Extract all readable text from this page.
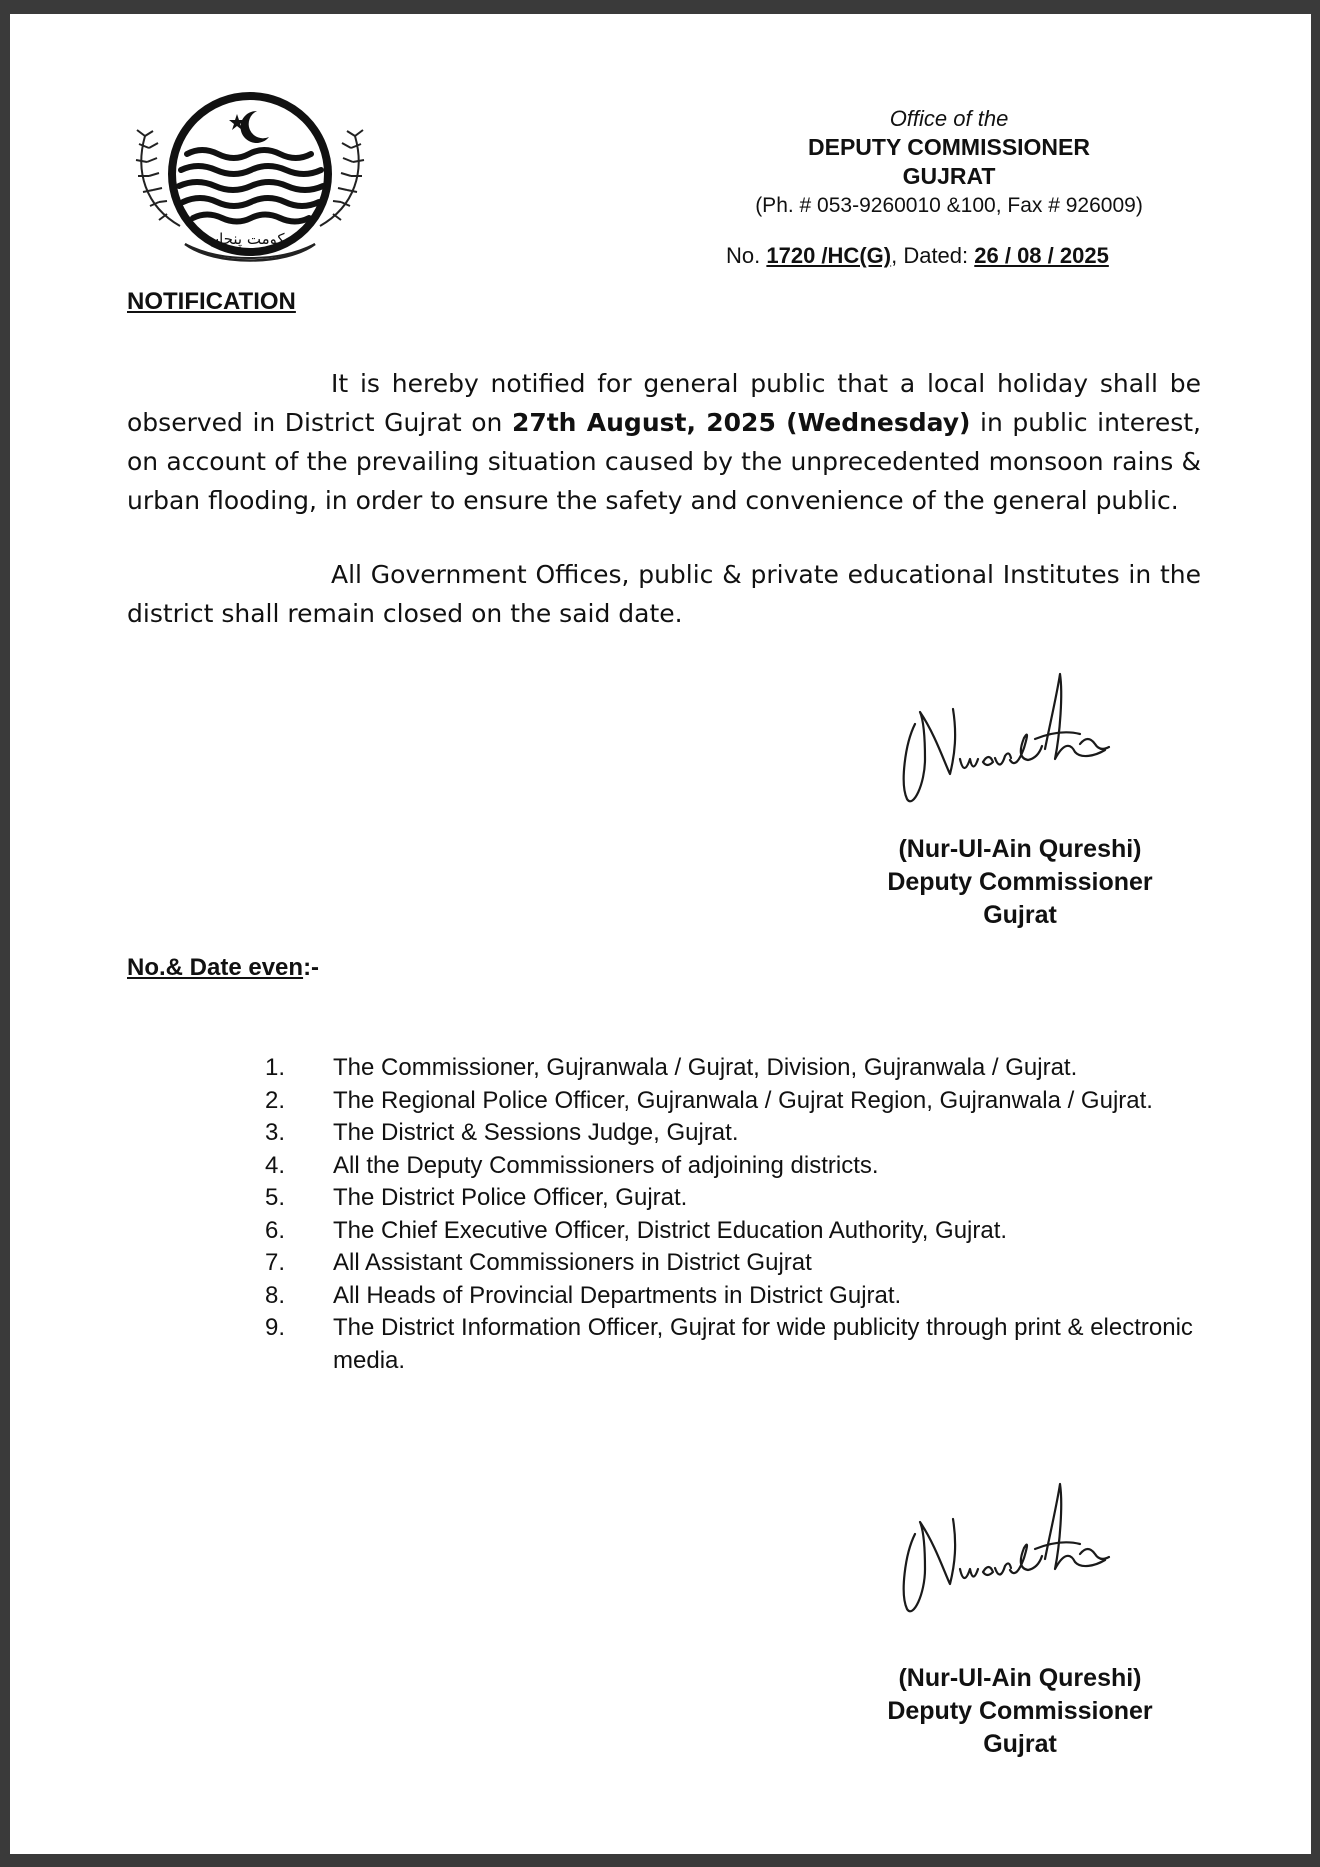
حکومت پنجاب
Office of the
DEPUTY COMMISSIONER
GUJRAT
(Ph. # 053-9260010 &100, Fax # 926009)
No. 1720 /HC(G), Dated: 26 / 08 / 2025
NOTIFICATION
It is hereby notified for general public that a local holiday shall be observed in District Gujrat on 27th August, 2025 (Wednesday) in public interest, on account of the prevailing situation caused by the unprecedented monsoon rains & urban flooding, in order to ensure the safety and convenience of the general public.
All Government Offices, public & private educational Institutes in the district shall remain closed on the said date.
(Nur-Ul-Ain Qureshi)
Deputy Commissioner
Gujrat
No.& Date even:-
1.	The Commissioner, Gujranwala / Gujrat, Division, Gujranwala / Gujrat.
2.	The Regional Police Officer, Gujranwala / Gujrat Region, Gujranwala / Gujrat.
3.	The District & Sessions Judge, Gujrat.
4.	All the Deputy Commissioners of adjoining districts.
5.	The District Police Officer, Gujrat.
6.	The Chief Executive Officer, District Education Authority, Gujrat.
7.	All Assistant Commissioners in District Gujrat
8.	All Heads of Provincial Departments in District Gujrat.
9.	The District Information Officer, Gujrat for wide publicity through print & electronic media.
(Nur-Ul-Ain Qureshi)
Deputy Commissioner
Gujrat
